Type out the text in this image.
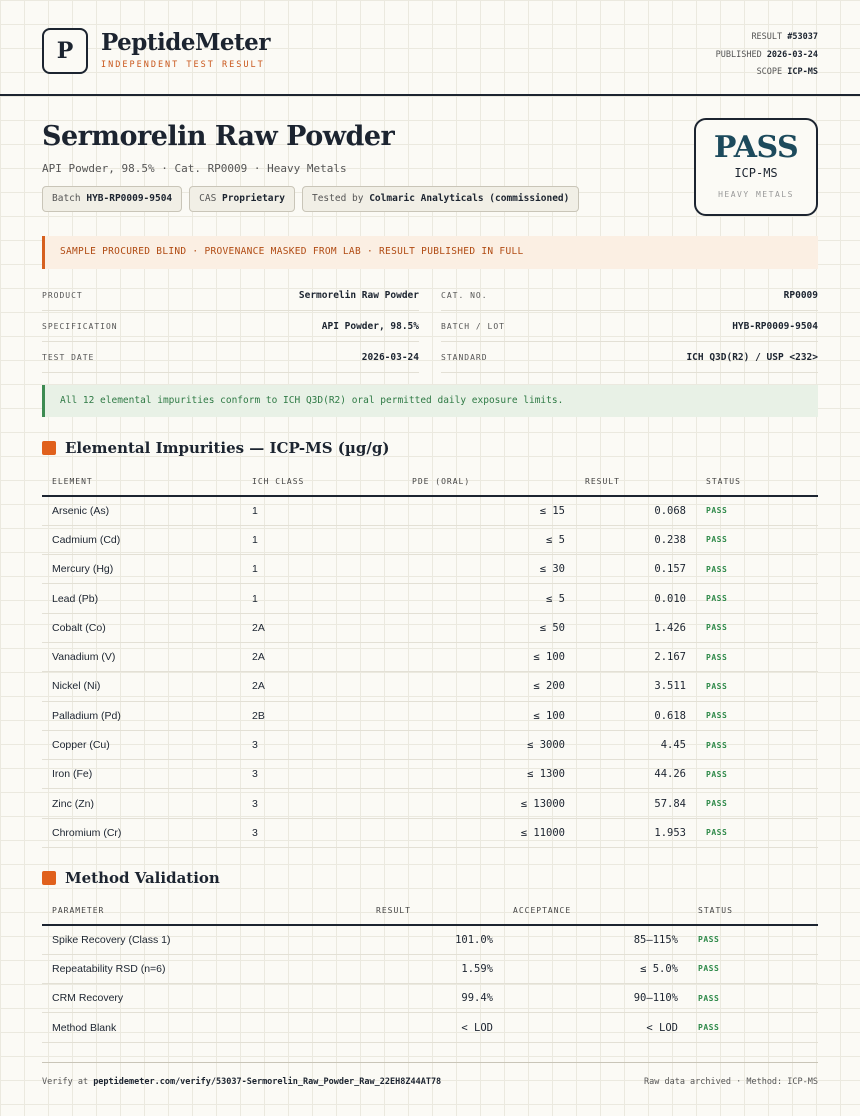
P PeptideMeter
INDEPENDENT TEST RESULT
RESULT #53037
PUBLISHED 2026-03-24
SCOPE ICP-MS
Sermorelin Raw Powder
API Powder, 98.5% · Cat. RP0009 · Heavy Metals
Batch HYB-RP0009-9504	CAS Proprietary	Tested by Colmaric Analyticals (commissioned)
PASS
ICP-MS
HEAVY METALS
SAMPLE PROCURED BLIND · PROVENANCE MASKED FROM LAB · RESULT PUBLISHED IN FULL
PRODUCT	Sermorelin Raw Powder	CAT. NO.	RP0009
SPECIFICATION	API Powder, 98.5%	BATCH / LOT	HYB-RP0009-9504
TEST DATE	2026-03-24	STANDARD	ICH Q3D(R2) / USP <232>
All 12 elemental impurities conform to ICH Q3D(R2) oral permitted daily exposure limits.
Elemental Impurities — ICP-MS (µg/g)
ELEMENT	ICH CLASS	PDE (ORAL)	RESULT	STATUS
Arsenic (As)	1	≤ 15	0.068	PASS
Cadmium (Cd)	1	≤ 5	0.238	PASS
Mercury (Hg)	1	≤ 30	0.157	PASS
Lead (Pb)	1	≤ 5	0.010	PASS
Cobalt (Co)	2A	≤ 50	1.426	PASS
Vanadium (V)	2A	≤ 100	2.167	PASS
Nickel (Ni)	2A	≤ 200	3.511	PASS
Palladium (Pd)	2B	≤ 100	0.618	PASS
Copper (Cu)	3	≤ 3000	4.45	PASS
Iron (Fe)	3	≤ 1300	44.26	PASS
Zinc (Zn)	3	≤ 13000	57.84	PASS
Chromium (Cr)	3	≤ 11000	1.953	PASS
Method Validation
PARAMETER	RESULT	ACCEPTANCE	STATUS
Spike Recovery (Class 1)	101.0%	85–115%	PASS
Repeatability RSD (n=6)	1.59%	≤ 5.0%	PASS
CRM Recovery	99.4%	90–110%	PASS
Method Blank	< LOD	< LOD	PASS
Verify at peptidemeter.com/verify/53037-Sermorelin_Raw_Powder_Raw_22EH8Z44AT78	Raw data archived · Method: ICP-MS
